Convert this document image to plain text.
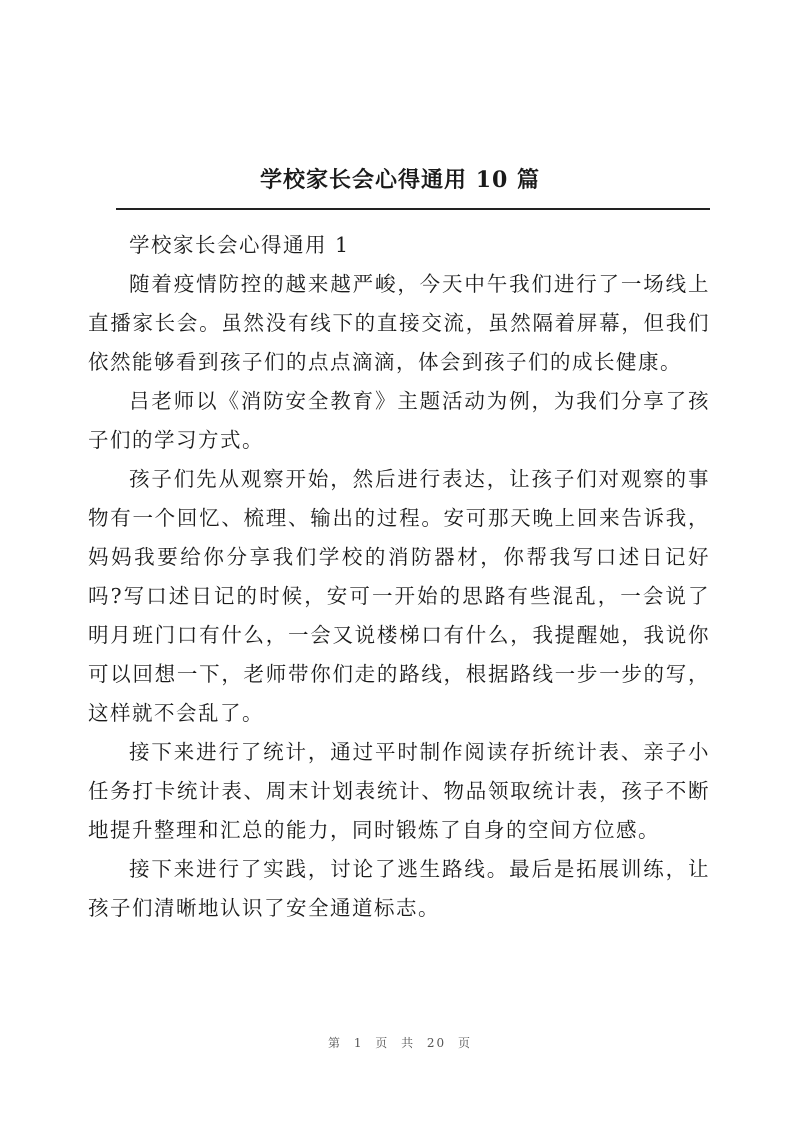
学校家长会心得通用 10 篇

学校家长会心得通用 1

随着疫情防控的越来越严峻，今天中午我们进行了一场线上直播家长会。虽然没有线下的直接交流，虽然隔着屏幕，但我们依然能够看到孩子们的点点滴滴，体会到孩子们的成长健康。

吕老师以《消防安全教育》主题活动为例，为我们分享了孩子们的学习方式。

孩子们先从观察开始，然后进行表达，让孩子们对观察的事物有一个回忆、梳理、输出的过程。安可那天晚上回来告诉我，妈妈我要给你分享我们学校的消防器材，你帮我写口述日记好吗?写口述日记的时候，安可一开始的思路有些混乱，一会说了明月班门口有什么，一会又说楼梯口有什么，我提醒她，我说你可以回想一下，老师带你们走的路线，根据路线一步一步的写，这样就不会乱了。

接下来进行了统计，通过平时制作阅读存折统计表、亲子小任务打卡统计表、周末计划表统计、物品领取统计表，孩子不断地提升整理和汇总的能力，同时锻炼了自身的空间方位感。

接下来进行了实践，讨论了逃生路线。最后是拓展训练，让孩子们清晰地认识了安全通道标志。

第 1 页 共 20 页
